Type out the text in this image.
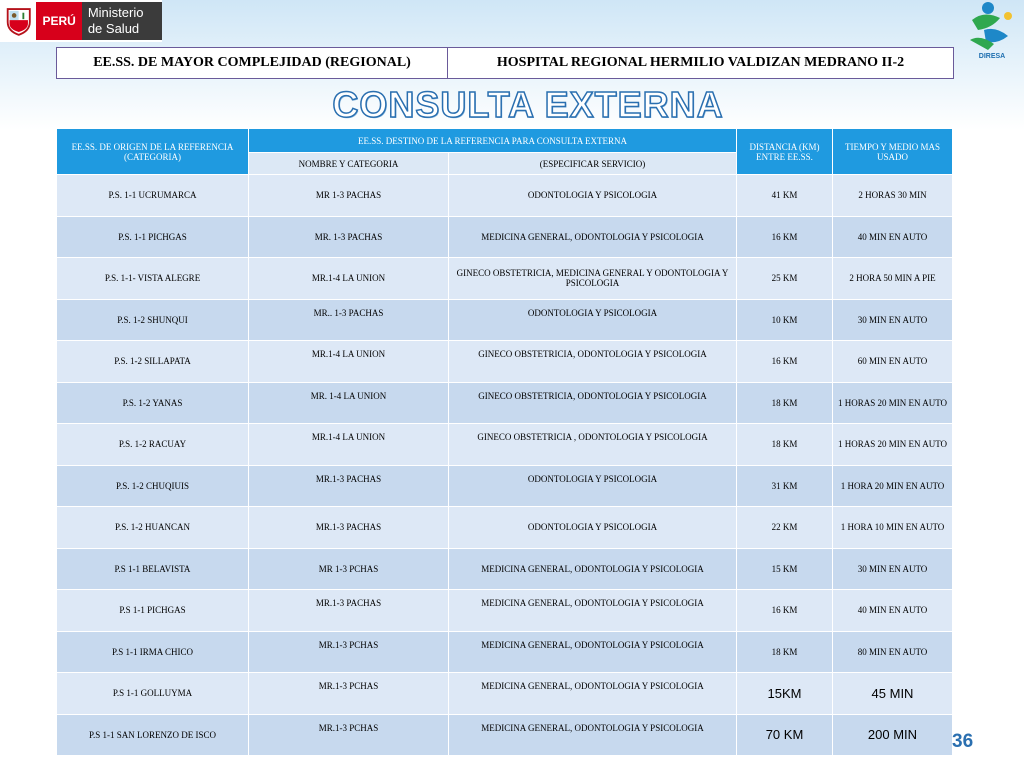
PERÚ
Ministerio
de Salud
DIRESA
EE.SS. DE MAYOR COMPLEJIDAD (REGIONAL)	HOSPITAL REGIONAL HERMILIO VALDIZAN MEDRANO II-2
CONSULTA EXTERNA
EE.SS. DE ORIGEN DE LA REFERENCIA (CATEGORIA)	EE.SS. DESTINO DE LA REFERENCIA PARA CONSULTA EXTERNA		DISTANCIA (KM) ENTRE EE.SS.	TIEMPO Y MEDIO MAS USADO
	NOMBRE Y CATEGORIA	(ESPECIFICAR SERVICIO)		
P.S. 1-1 UCRUMARCA	MR 1-3 PACHAS	ODONTOLOGIA Y PSICOLOGIA	41 KM	2 HORAS 30 MIN
P.S. 1-1 PICHGAS	MR. 1-3 PACHAS	MEDICINA GENERAL, ODONTOLOGIA Y PSICOLOGIA	16 KM	40 MIN EN AUTO
P.S. 1-1- VISTA ALEGRE	MR.1-4 LA UNION	GINECO OBSTETRICIA, MEDICINA GENERAL Y ODONTOLOGIA Y PSICOLOGIA	25 KM	2 HORA 50 MIN A PIE
P.S. 1-2 SHUNQUI	MR.. 1-3 PACHAS	ODONTOLOGIA Y PSICOLOGIA	10 KM	30 MIN EN AUTO
P.S. 1-2 SILLAPATA	MR.1-4 LA UNION	GINECO OBSTETRICIA, ODONTOLOGIA Y PSICOLOGIA	16 KM	60 MIN EN AUTO
P.S. 1-2 YANAS	MR. 1-4 LA UNION	GINECO OBSTETRICIA, ODONTOLOGIA Y PSICOLOGIA	18 KM	1 HORAS 20 MIN EN AUTO
P.S. 1-2 RACUAY	MR.1-4 LA UNION	GINECO OBSTETRICIA , ODONTOLOGIA Y PSICOLOGIA	18 KM	1 HORAS 20 MIN EN AUTO
P.S. 1-2 CHUQIUIS	MR.1-3 PACHAS	ODONTOLOGIA Y PSICOLOGIA	31 KM	1 HORA 20 MIN EN AUTO
P.S. 1-2 HUANCAN	MR.1-3 PACHAS	ODONTOLOGIA Y PSICOLOGIA	22 KM	1 HORA 10 MIN EN AUTO
P.S 1-1 BELAVISTA	MR 1-3 PCHAS	MEDICINA GENERAL, ODONTOLOGIA Y PSICOLOGIA	15 KM	30 MIN EN AUTO
P.S 1-1 PICHGAS	MR.1-3 PACHAS	MEDICINA GENERAL, ODONTOLOGIA Y PSICOLOGIA	16 KM	40 MIN EN AUTO
P.S 1-1 IRMA CHICO	MR.1-3 PCHAS	MEDICINA GENERAL, ODONTOLOGIA Y PSICOLOGIA	18 KM	80 MIN EN AUTO
P.S 1-1 GOLLUYMA	MR.1-3 PCHAS	MEDICINA GENERAL, ODONTOLOGIA Y PSICOLOGIA	15KM	45 MIN
P.S 1-1 SAN LORENZO DE ISCO	MR.1-3 PCHAS	MEDICINA GENERAL, ODONTOLOGIA Y PSICOLOGIA	70 KM	200 MIN 36
